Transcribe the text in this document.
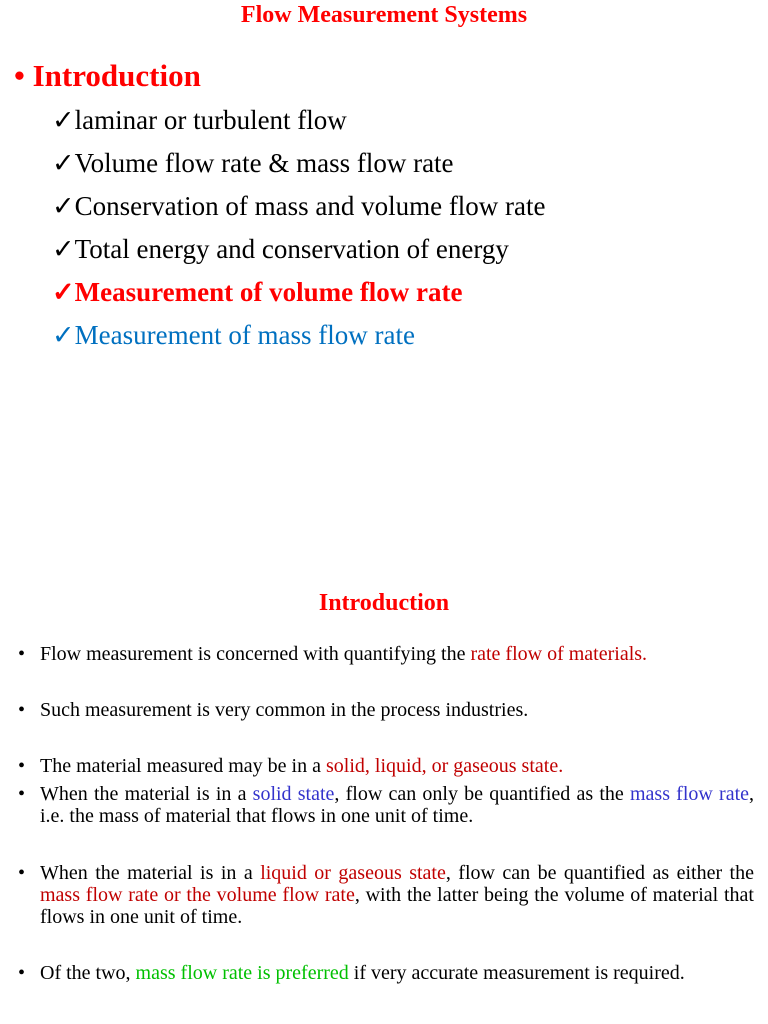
Flow Measurement Systems
• Introduction
✓laminar or turbulent flow
✓Volume flow rate & mass flow rate
✓Conservation of mass and volume flow rate
✓Total energy and conservation of energy
✓Measurement of volume flow rate
✓Measurement of mass flow rate
Introduction
• Flow measurement is concerned with quantifying the rate flow of materials.
• Such measurement is very common in the process industries.
• The material measured may be in a solid, liquid, or gaseous state.
• When the material is in a solid state, flow can only be quantified as the mass flow rate, i.e. the mass of material that flows in one unit of time.
• When the material is in a liquid or gaseous state, flow can be quantified as either the mass flow rate or the volume flow rate, with the latter being the volume of material that flows in one unit of time.
• Of the two, mass flow rate is preferred if very accurate measurement is required.
